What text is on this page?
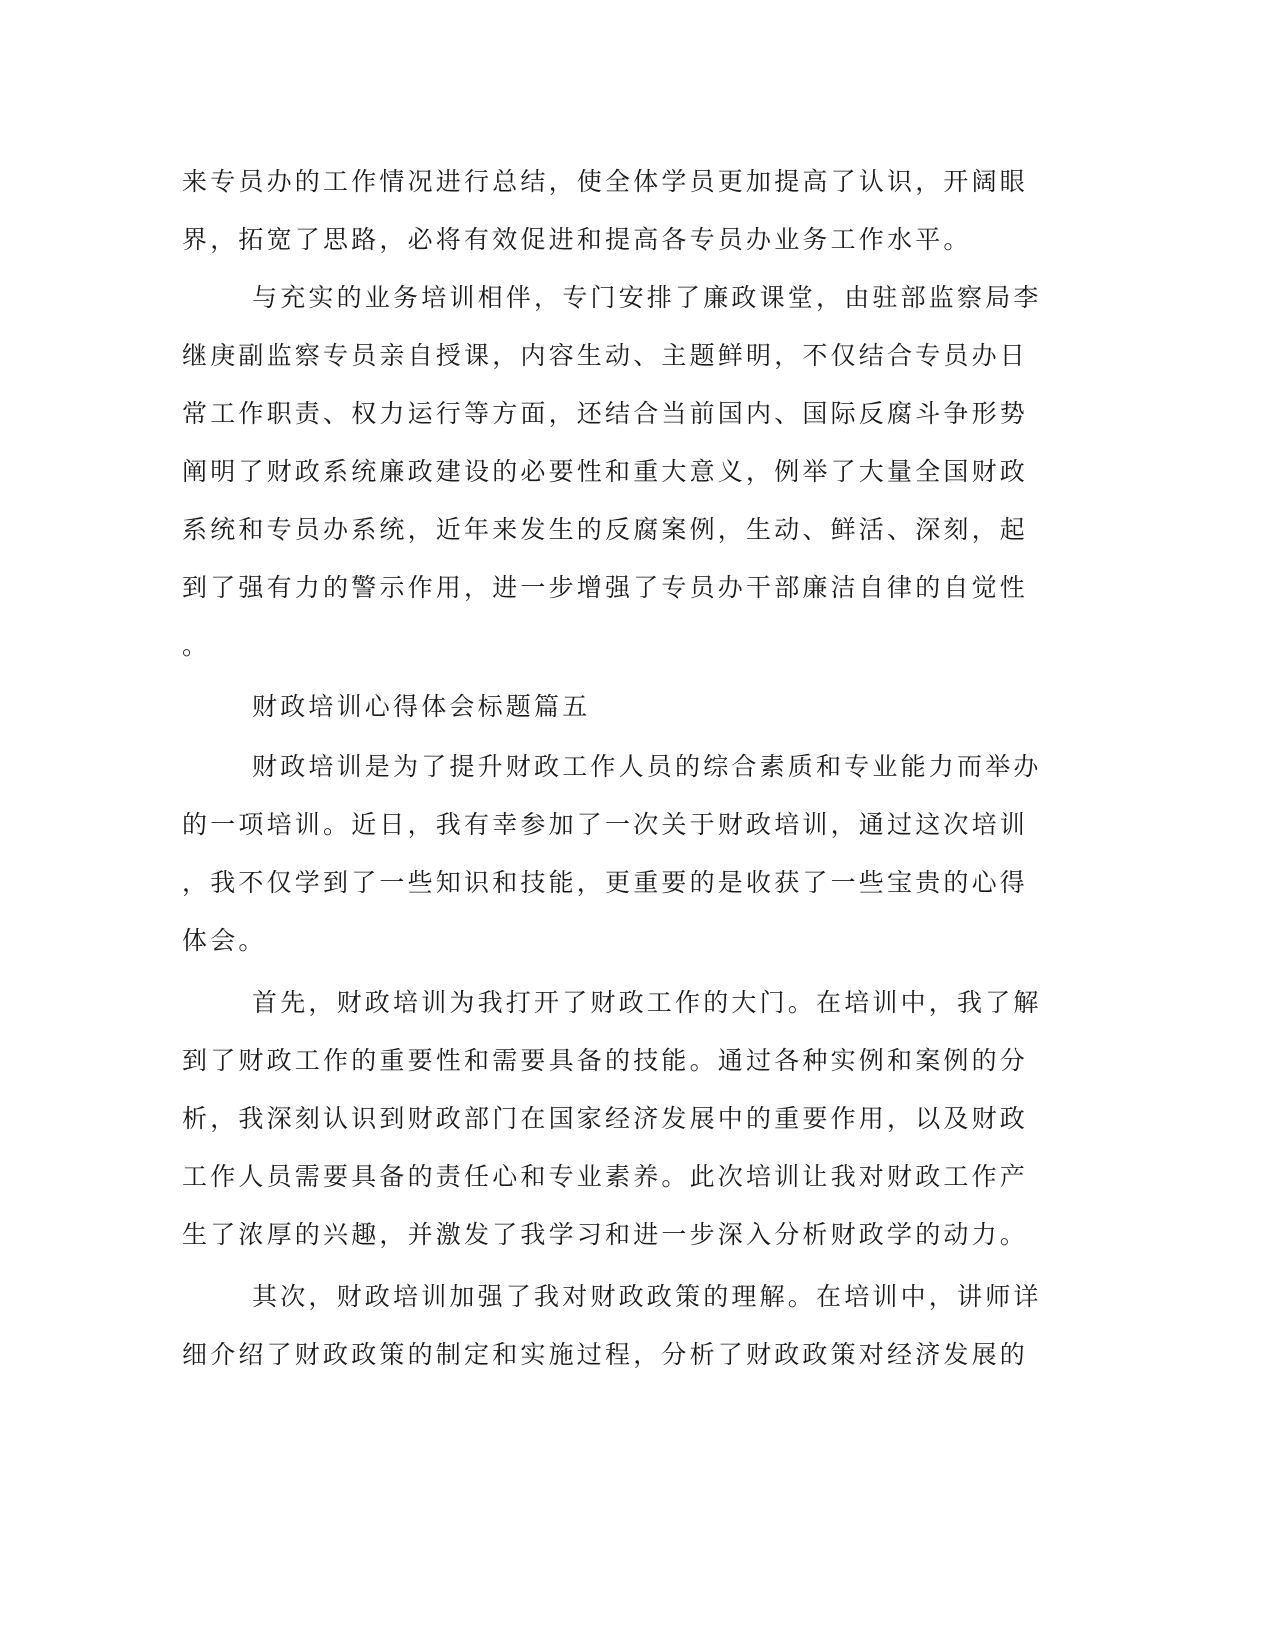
来专员办的工作情况进行总结，使全体学员更加提高了认识，开阔眼
界，拓宽了思路，必将有效促进和提高各专员办业务工作水平。
与充实的业务培训相伴，专门安排了廉政课堂，由驻部监察局李
继庚副监察专员亲自授课，内容生动、主题鲜明，不仅结合专员办日
常工作职责、权力运行等方面，还结合当前国内、国际反腐斗争形势
阐明了财政系统廉政建设的必要性和重大意义，例举了大量全国财政
系统和专员办系统，近年来发生的反腐案例，生动、鲜活、深刻，起
到了强有力的警示作用，进一步增强了专员办干部廉洁自律的自觉性
。
财政培训心得体会标题篇五
财政培训是为了提升财政工作人员的综合素质和专业能力而举办
的一项培训。近日，我有幸参加了一次关于财政培训，通过这次培训
，我不仅学到了一些知识和技能，更重要的是收获了一些宝贵的心得
体会。
首先，财政培训为我打开了财政工作的大门。在培训中，我了解
到了财政工作的重要性和需要具备的技能。通过各种实例和案例的分
析，我深刻认识到财政部门在国家经济发展中的重要作用，以及财政
工作人员需要具备的责任心和专业素养。此次培训让我对财政工作产
生了浓厚的兴趣，并激发了我学习和进一步深入分析财政学的动力。
其次，财政培训加强了我对财政政策的理解。在培训中，讲师详
细介绍了财政政策的制定和实施过程，分析了财政政策对经济发展的
